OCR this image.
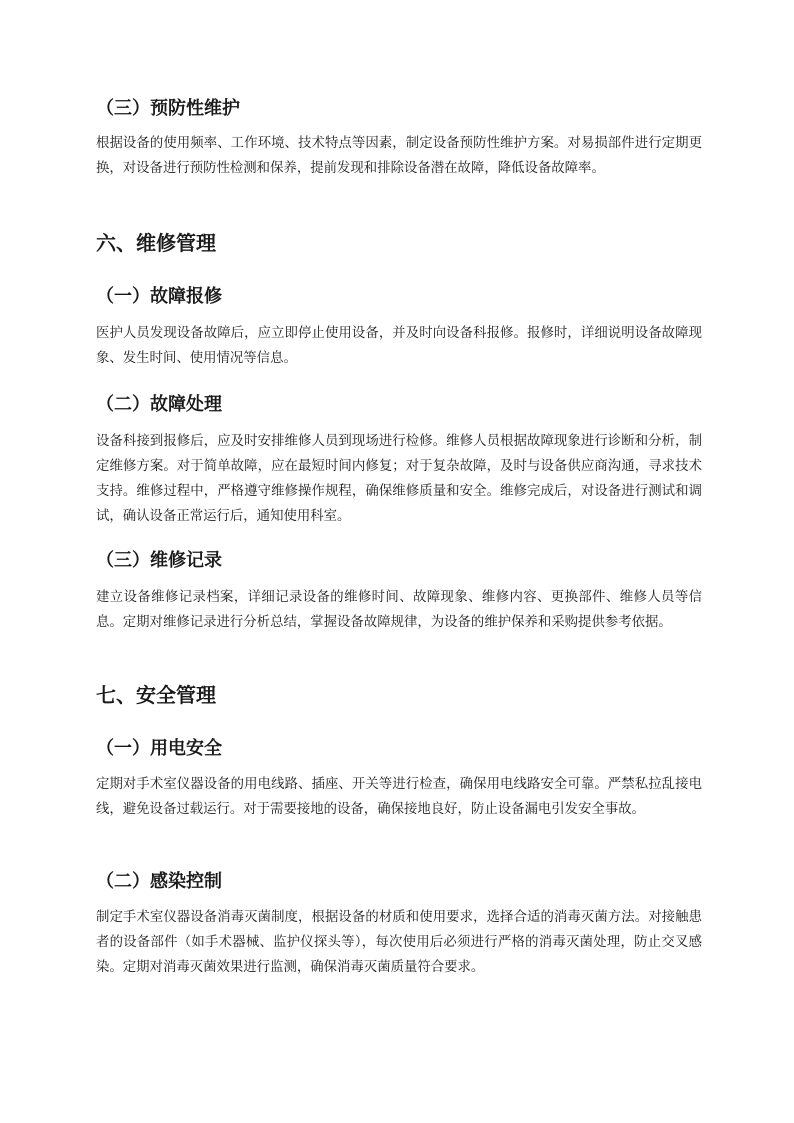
（三）预防性维护

根据设备的使用频率、工作环境、技术特点等因素，制定设备预防性维护方案。对易损部件进行定期更换，对设备进行预防性检测和保养，提前发现和排除设备潜在故障，降低设备故障率。

六、维修管理
（一）故障报修

医护人员发现设备故障后，应立即停止使用设备，并及时向设备科报修。报修时，详细说明设备故障现象、发生时间、使用情况等信息。

（二）故障处理

设备科接到报修后，应及时安排维修人员到现场进行检修。维修人员根据故障现象进行诊断和分析，制定维修方案。对于简单故障，应在最短时间内修复；对于复杂故障，及时与设备供应商沟通，寻求技术支持。维修过程中，严格遵守维修操作规程，确保维修质量和安全。维修完成后，对设备进行测试和调试，确认设备正常运行后，通知使用科室。

（三）维修记录

建立设备维修记录档案，详细记录设备的维修时间、故障现象、维修内容、更换部件、维修人员等信息。定期对维修记录进行分析总结，掌握设备故障规律，为设备的维护保养和采购提供参考依据。

七、安全管理
（一）用电安全

定期对手术室仪器设备的用电线路、插座、开关等进行检查，确保用电线路安全可靠。严禁私拉乱接电线，避免设备过载运行。对于需要接地的设备，确保接地良好，防止设备漏电引发安全事故。

（二）感染控制

制定手术室仪器设备消毒灭菌制度，根据设备的材质和使用要求，选择合适的消毒灭菌方法。对接触患者的设备部件（如手术器械、监护仪探头等），每次使用后必须进行严格的消毒灭菌处理，防止交叉感染。定期对消毒灭菌效果进行监测，确保消毒灭菌质量符合要求。
